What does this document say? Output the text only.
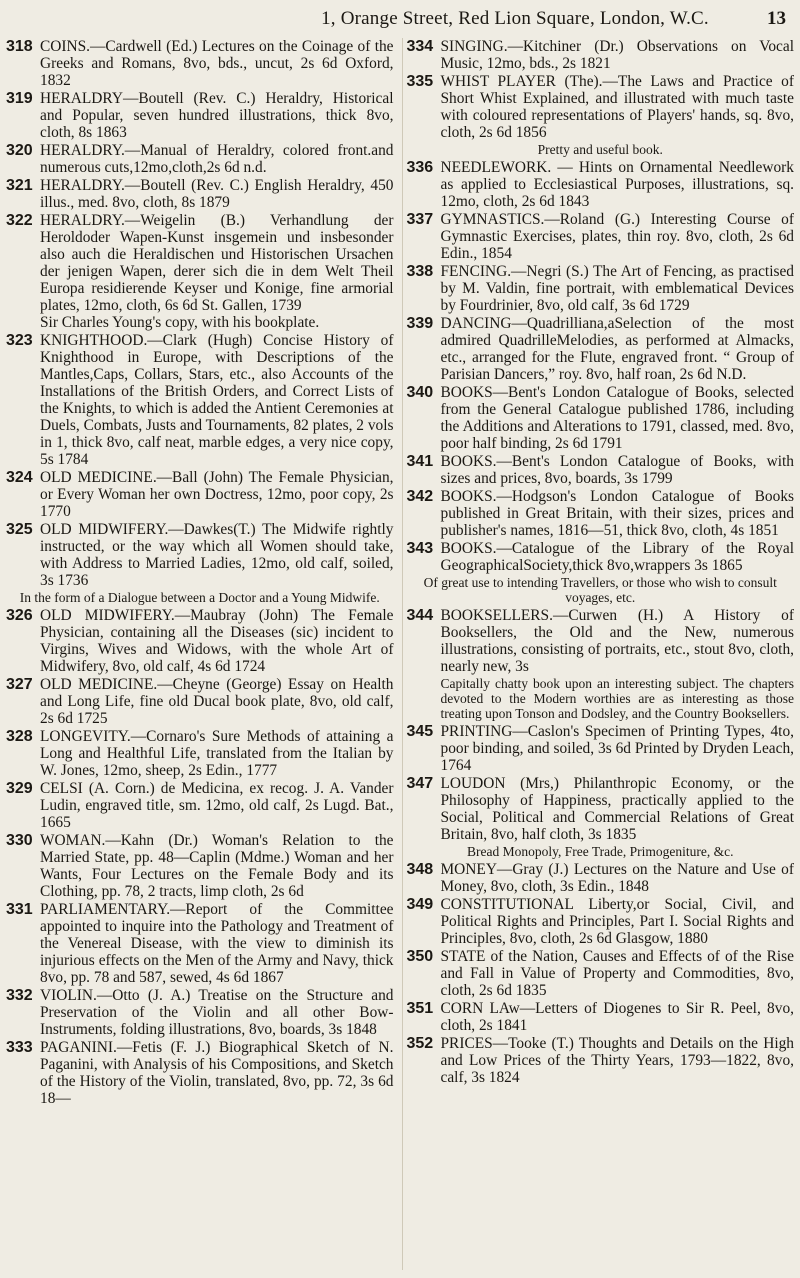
1, Orange Street, Red Lion Square, London, W.C.	13
318 COINS.—Cardwell (Ed.) Lectures on the Coinage of the Greeks and Romans, 8vo, bds., uncut, 2s 6d Oxford, 1832
319 HERALDRY—Boutell (Rev. C.) Heraldry, Historical and Popular, seven hundred illustrations, thick 8vo, cloth, 8s 1863
320 HERALDRY.—Manual of Heraldry, colored front.and numerous cuts,12mo,cloth,2s 6d n.d.
321 HERALDRY.—Boutell (Rev. C.) English Heraldry, 450 illus., med. 8vo, cloth, 8s 1879
322 HERALDRY.—Weigelin (B.) Verhandlung der Heroldoder Wapen-Kunst insgemein und insbesonder also auch die Heraldischen und Historischen Ursachen der jenigen Wapen, derer sich die in dem Welt Theil Europa residierende Keyser und Konige, fine armorial plates, 12mo, cloth, 6s 6d St. Gallen, 1739
Sir Charles Young's copy, with his bookplate.
323 KNIGHTHOOD.—Clark (Hugh) Concise History of Knighthood in Europe, with Descriptions of the Mantles,Caps, Collars, Stars, etc., also Accounts of the Installations of the British Orders, and Correct Lists of the Knights, to which is added the Antient Ceremonies at Duels, Combats, Justs and Tournaments, 82 plates, 2 vols in 1, thick 8vo, calf neat, marble edges, a very nice copy, 5s 1784
324 OLD MEDICINE.—Ball (John) The Female Physician, or Every Woman her own Doctress, 12mo, poor copy, 2s 1770
325 OLD MIDWIFERY.—Dawkes(T.) The Midwife rightly instructed, or the way which all Women should take, with Address to Married Ladies, 12mo, old calf, soiled, 3s 1736
In the form of a Dialogue between a Doctor and a Young Midwife.
326 OLD MIDWIFERY.—Maubray (John) The Female Physician, containing all the Diseases (sic) incident to Virgins, Wives and Widows, with the whole Art of Midwifery, 8vo, old calf, 4s 6d 1724
327 OLD MEDICINE.—Cheyne (George) Essay on Health and Long Life, fine old Ducal book plate, 8vo, old calf, 2s 6d 1725
328 LONGEVITY.—Cornaro's Sure Methods of attaining a Long and Healthful Life, translated from the Italian by W. Jones, 12mo, sheep, 2s Edin., 1777
329 CELSI (A. Corn.) de Medicina, ex recog. J. A. Vander Ludin, engraved title, sm. 12mo, old calf, 2s Lugd. Bat., 1665
330 WOMAN.—Kahn (Dr.) Woman's Relation to the Married State, pp. 48—Caplin (Mdme.) Woman and her Wants, Four Lectures on the Female Body and its Clothing, pp. 78, 2 tracts, limp cloth, 2s 6d
331 PARLIAMENTARY.—Report of the Committee appointed to inquire into the Pathology and Treatment of the Venereal Disease, with the view to diminish its injurious effects on the Men of the Army and Navy, thick 8vo, pp. 78 and 587, sewed, 4s 6d 1867
332 VIOLIN.—Otto (J. A.) Treatise on the Structure and Preservation of the Violin and all other Bow-Instruments, folding illustrations, 8vo, boards, 3s 1848
333 PAGANINI.—Fetis (F. J.) Biographical Sketch of N. Paganini, with Analysis of his Compositions, and Sketch of the History of the Violin, translated, 8vo, pp. 72, 3s 6d 18—
334 SINGING.—Kitchiner (Dr.) Observations on Vocal Music, 12mo, bds., 2s 1821
335 WHIST PLAYER (The).—The Laws and Practice of Short Whist Explained, and illustrated with much taste with coloured representations of Players' hands, sq. 8vo, cloth, 2s 6d 1856
Pretty and useful book.
336 NEEDLEWORK. — Hints on Ornamental Needlework as applied to Ecclesiastical Purposes, illustrations, sq. 12mo, cloth, 2s 6d 1843
337 GYMNASTICS.—Roland (G.) Interesting Course of Gymnastic Exercises, plates, thin roy. 8vo, cloth, 2s 6d Edin., 1854
338 FENCING.—Negri (S.) The Art of Fencing, as practised by M. Valdin, fine portrait, with emblematical Devices by Fourdrinier, 8vo, old calf, 3s 6d 1729
339 DANCING—Quadrilliana,aSelection of the most admired QuadrilleMelodies, as performed at Almacks, etc., arranged for the Flute, engraved front. “ Group of Parisian Dancers,” roy. 8vo, half roan, 2s 6d N.D.
340 BOOKS—Bent's London Catalogue of Books, selected from the General Catalogue published 1786, including the Additions and Alterations to 1791, classed, med. 8vo, poor half binding, 2s 6d 1791
341 BOOKS.—Bent's London Catalogue of Books, with sizes and prices, 8vo, boards, 3s 1799
342 BOOKS.—Hodgson's London Catalogue of Books published in Great Britain, with their sizes, prices and publisher's names, 1816—51, thick 8vo, cloth, 4s 1851
343 BOOKS.—Catalogue of the Library of the Royal GeographicalSociety,thick 8vo,wrappers 3s 1865
Of great use to intending Travellers, or those who wish to consult voyages, etc.
344 BOOKSELLERS.—Curwen (H.) A History of Booksellers, the Old and the New, numerous illustrations, consisting of portraits, etc., stout 8vo, cloth, nearly new, 3s
Capitally chatty book upon an interesting subject. The chapters devoted to the Modern worthies are as interesting as those treating upon Tonson and Dodsley, and the Country Booksellers.
345 PRINTING—Caslon's Specimen of Printing Types, 4to, poor binding, and soiled, 3s 6d Printed by Dryden Leach, 1764
347 LOUDON (Mrs,) Philanthropic Economy, or the Philosophy of Happiness, practically applied to the Social, Political and Commercial Relations of Great Britain, 8vo, half cloth, 3s 1835
Bread Monopoly, Free Trade, Primogeniture, &c.
348 MONEY—Gray (J.) Lectures on the Nature and Use of Money, 8vo, cloth, 3s Edin., 1848
349 CONSTITUTIONAL Liberty,or Social, Civil, and Political Rights and Principles, Part I. Social Rights and Principles, 8vo, cloth, 2s 6d Glasgow, 1880
350 STATE of the Nation, Causes and Effects of of the Rise and Fall in Value of Property and Commodities, 8vo, cloth, 2s 6d 1835
351 CORN LAw—Letters of Diogenes to Sir R. Peel, 8vo, cloth, 2s 1841
352 PRICES—Tooke (T.) Thoughts and Details on the High and Low Prices of the Thirty Years, 1793—1822, 8vo, calf, 3s 1824
